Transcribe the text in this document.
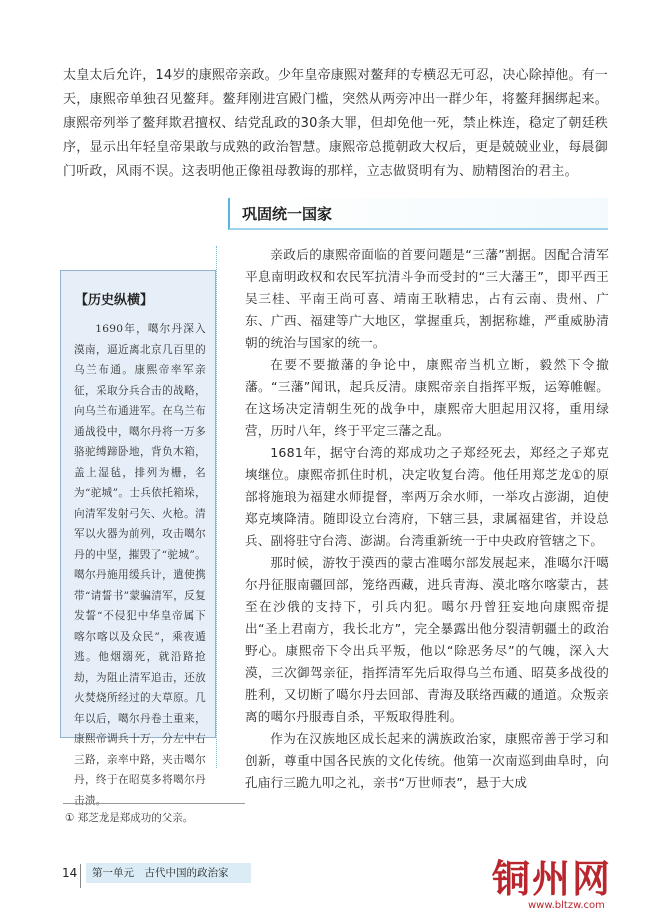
太皇太后允许，14岁的康熙帝亲政。少年皇帝康熙对鳌拜的专横忍无可忍，决心除掉他。有一天，康熙帝单独召见鳌拜。鳌拜刚进宫殿门槛，突然从两旁冲出一群少年，将鳌拜捆绑起来。康熙帝列举了鳌拜欺君擅权、结党乱政的30条大罪，但却免他一死，禁止株连，稳定了朝廷秩序，显示出年轻皇帝果敢与成熟的政治智慧。康熙帝总揽朝政大权后，更是兢兢业业，每晨御门听政，风雨不误。这表明他正像祖母教诲的那样，立志做贤明有为、励精图治的君主。

巩固统一国家
【历史纵横】

1690年，噶尔丹深入漠南，逼近离北京几百里的乌兰布通。康熙帝率军亲征，采取分兵合击的战略，向乌兰布通进军。在乌兰布通战役中，噶尔丹将一万多骆驼缚蹄卧地，背负木箱，盖上湿毡，排列为栅，名为“驼城”。士兵依托箱垛，向清军发射弓矢、火枪。清军以火器为前列，攻击噶尔丹的中坚，摧毁了“驼城”。噶尔丹施用缓兵计，遣使携带“请誓书”蒙骗清军，反复发誓“不侵犯中华皇帝属下喀尔喀以及众民”，乘夜遁逃。他烟溺死，就沿路抢劫，为阻止清军追击，还放火焚烧所经过的大草原。几年以后，噶尔丹卷土重来，康熙帝调兵十万，分左中右三路，亲率中路，夹击噶尔丹，终于在昭莫多将噶尔丹击溃。

亲政后的康熙帝面临的首要问题是“三藩”割据。因配合清军平息南明政权和农民军抗清斗争而受封的“三大藩王”，即平西王吴三桂、平南王尚可喜、靖南王耿精忠，占有云南、贵州、广东、广西、福建等广大地区，掌握重兵，割据称雄，严重威胁清朝的统治与国家的统一。

在要不要撤藩的争论中，康熙帝当机立断，毅然下令撤藩。“三藩”闻讯，起兵反清。康熙帝亲自指挥平叛，运筹帷幄。在这场决定清朝生死的战争中，康熙帝大胆起用汉将，重用绿营，历时八年，终于平定三藩之乱。

1681年，据守台湾的郑成功之子郑经死去，郑经之子郑克塽继位。康熙帝抓住时机，决定收复台湾。他任用郑芝龙①的原部将施琅为福建水师提督，率两万余水师，一举攻占澎湖，迫使郑克塽降清。随即设立台湾府，下辖三县，隶属福建省，并设总兵、副将驻守台湾、澎湖。台湾重新统一于中央政府管辖之下。

那时候，游牧于漠西的蒙古准噶尔部发展起来，准噶尔汗噶尔丹征服南疆回部，笼络西藏，进兵青海、漠北喀尔喀蒙古，甚至在沙俄的支持下，引兵内犯。噶尔丹曾狂妄地向康熙帝提出“圣上君南方，我长北方”，完全暴露出他分裂清朝疆土的政治野心。康熙帝下令出兵平叛，他以“除恶务尽”的气魄，深入大漠，三次御驾亲征，指挥清军先后取得乌兰布通、昭莫多战役的胜利，又切断了噶尔丹去回部、青海及联络西藏的通道。众叛亲离的噶尔丹服毒自杀，平叛取得胜利。

作为在汉族地区成长起来的满族政治家，康熙帝善于学习和创新，尊重中国各民族的文化传统。他第一次南巡到曲阜时，向孔庙行三跪九叩之礼，亲书“万世师表”，悬于大成

① 郑芝龙是郑成功的父亲。
14	第一单元　古代中国的政治家	铜州网
www.bltzw.com
